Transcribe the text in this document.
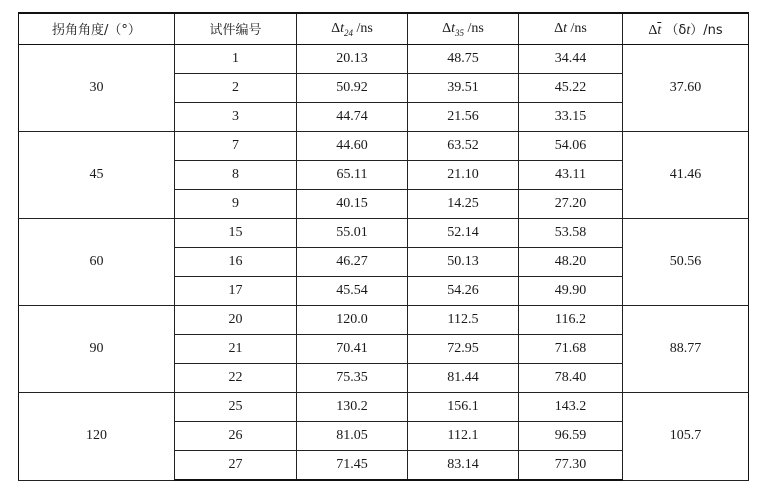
拐角角度/（°）	试件编号	$\Delta t_{24}$ /ns	$\Delta t_{35}$ /ns	Δt /ns	$\Delta\overline{t}$ （δt）/ns
30	1	20.13	48.75	34.44	37.60
	2	50.92	39.51	45.22	
	3	44.74	21.56	33.15	
45	7	44.60	63.52	54.06	41.46
	8	65.11	21.10	43.11	
	9	40.15	14.25	27.20	
60	15	55.01	52.14	53.58	50.56
	16	46.27	50.13	48.20	
	17	45.54	54.26	49.90	
90	20	120.0	112.5	116.2	88.77
	21	70.41	72.95	71.68	
	22	75.35	81.44	78.40	
120	25	130.2	156.1	143.2	105.7
	26	81.05	112.1	96.59	
	27	71.45	83.14	77.30	
